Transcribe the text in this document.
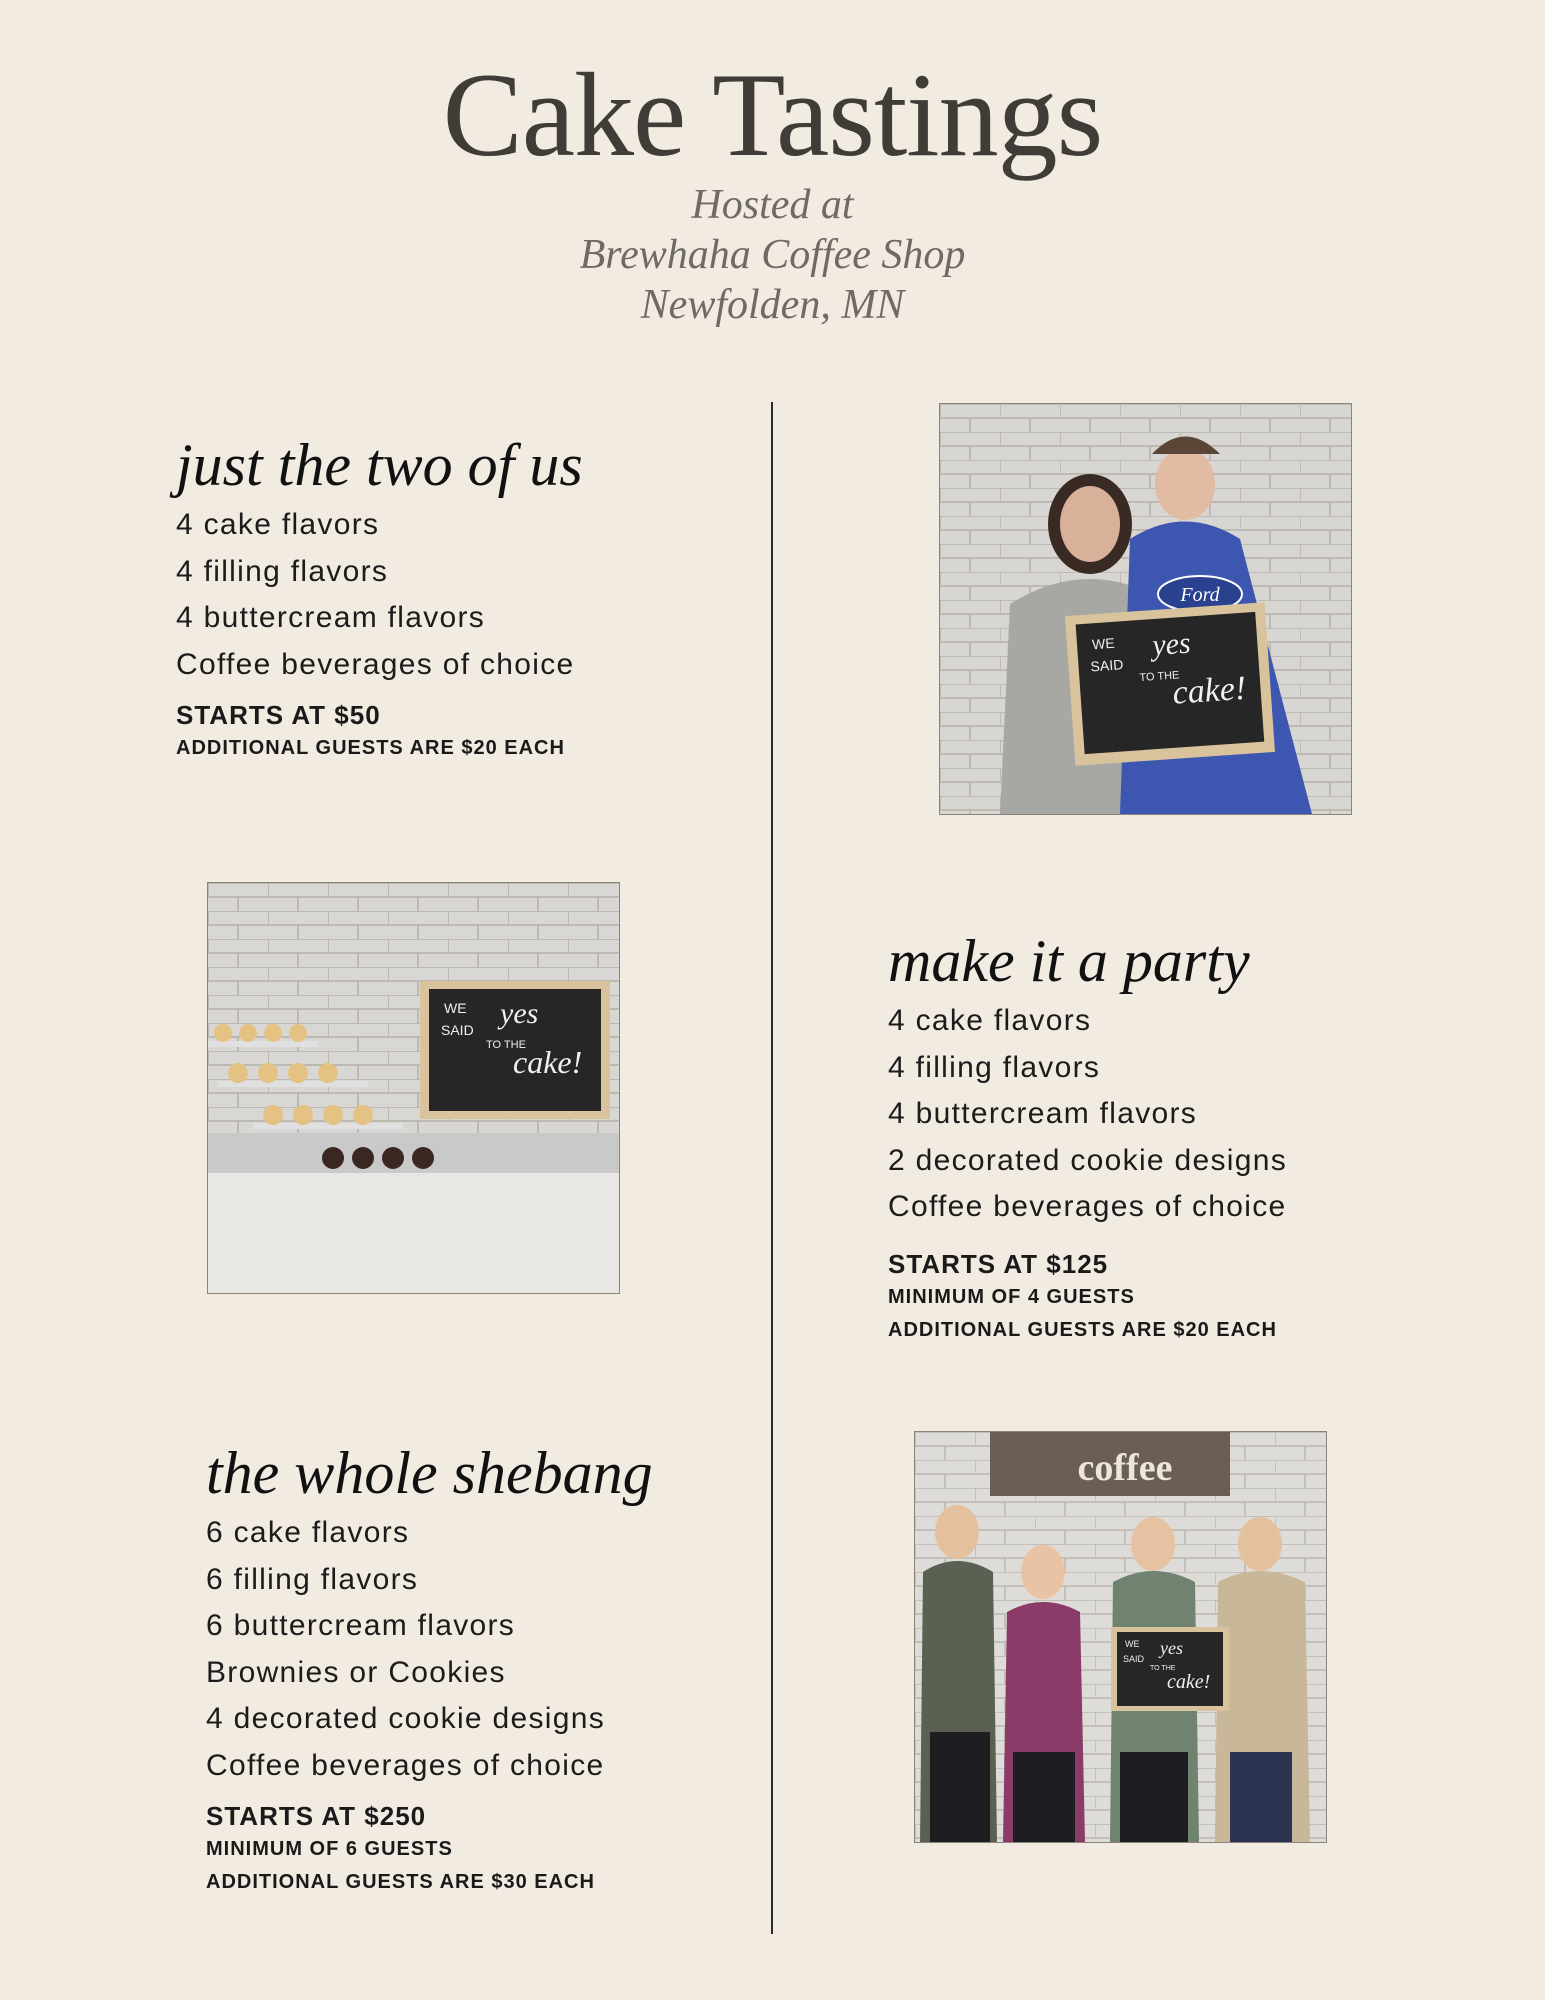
Cake Tastings
Hosted at
Brewhaha Coffee Shop
Newfolden, MN
just the two of us
4 cake flavors
4 filling flavors
4 buttercream flavors
Coffee beverages of choice
STARTS AT $50
ADDITIONAL GUESTS ARE $20 EACH
make it a party
4 cake flavors
4 filling flavors
4 buttercream flavors
2 decorated cookie designs
Coffee beverages of choice
STARTS AT $125
MINIMUM OF 4 GUESTS
ADDITIONAL GUESTS ARE $20 EACH
the whole shebang
6 cake flavors
6 filling flavors
6 buttercream flavors
Brownies or Cookies
4 decorated cookie designs
Coffee beverages of choice
STARTS AT $250
MINIMUM OF 6 GUESTS
ADDITIONAL GUESTS ARE $30 EACH
Ford
WE
SAID
yes
TO THE
cake!
WE
SAID yes
TO THE
cake!
coffee
WE
SAID
yes
TO THE
cake!
